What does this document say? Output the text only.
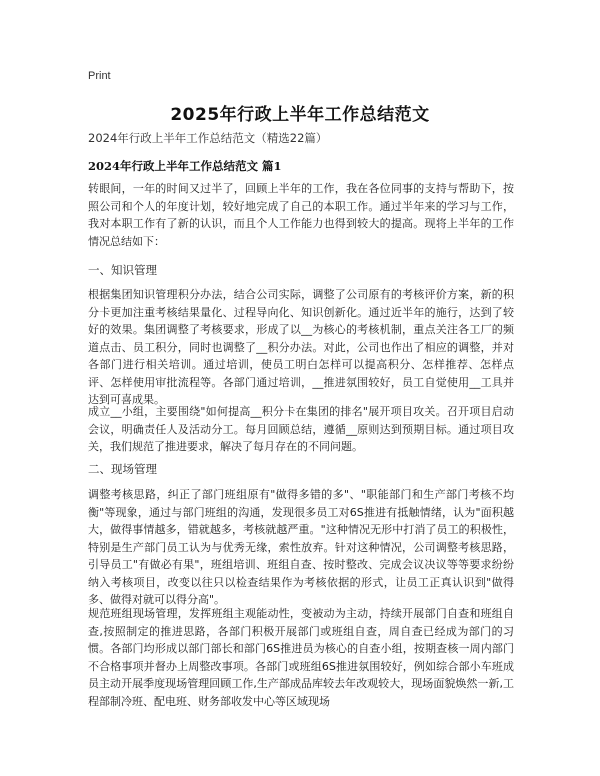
Print
2025年行政上半年工作总结范文
2024年行政上半年工作总结范文（精选22篇）
2024年行政上半年工作总结范文 篇1

转眼间，一年的时间又过半了，回顾上半年的工作，我在各位同事的支持与帮助下，按照公司和个人的年度计划，较好地完成了自己的本职工作。通过半年来的学习与工作，我对本职工作有了新的认识，而且个人工作能力也得到较大的提高。现将上半年的工作情况总结如下：

一、知识管理

根据集团知识管理积分办法，结合公司实际，调整了公司原有的考核评价方案，新的积分卡更加注重考核结果量化、过程导向化、知识创新化。通过近半年的施行，达到了较好的效果。集团调整了考核要求，形成了以__为核心的考核机制，重点关注各工厂的频道点击、员工积分，同时也调整了__积分办法。对此，公司也作出了相应的调整，并对各部门进行相关培训。通过培训，使员工明白怎样可以提高积分、怎样推荐、怎样点评、怎样使用审批流程等。各部门通过培训，__推进氛围较好，员工自觉使用__工具并达到可喜成果。

成立__小组，主要围绕"如何提高__积分卡在集团的排名"展开项目攻关。召开项目启动会议，明确责任人及活动分工。每月回顾总结，遵循__原则达到预期目标。通过项目攻关，我们规范了推进要求，解决了每月存在的不同问题。

二、现场管理

调整考核思路，纠正了部门班组原有"做得多错的多"、"职能部门和生产部门考核不均衡"等现象，通过与部门班组的沟通，发现很多员工对6S推进有抵触情绪，认为"面积越大，做得事情越多，错就越多，考核就越严重。"这种情况无形中打消了员工的积极性，特别是生产部门员工认为与优秀无缘，索性放弃。针对这种情况，公司调整考核思路，引导员工"有做必有果"，班组培训、班组自查、按时整改、完成会议决议等等要求纷纷纳入考核项目，改变以往只以检查结果作为考核依据的形式，让员工正真认识到"做得多、做得对就可以得分高"。

规范班组现场管理，发挥班组主观能动性，变被动为主动，持续开展部门自查和班组自查,按照制定的推进思路，各部门积极开展部门或班组自查，周自查已经成为部门的习惯。各部门均形成以部门部长和部门6S推进员为核心的自查小组，按期查核一周内部门不合格事项并督办上周整改事项。各部门或班组6S推进氛围较好，例如综合部小车班成员主动开展季度现场管理回顾工作,生产部成品库较去年改观较大，现场面貌焕然一新,工程部制冷班、配电班、财务部收发中心等区域现场
